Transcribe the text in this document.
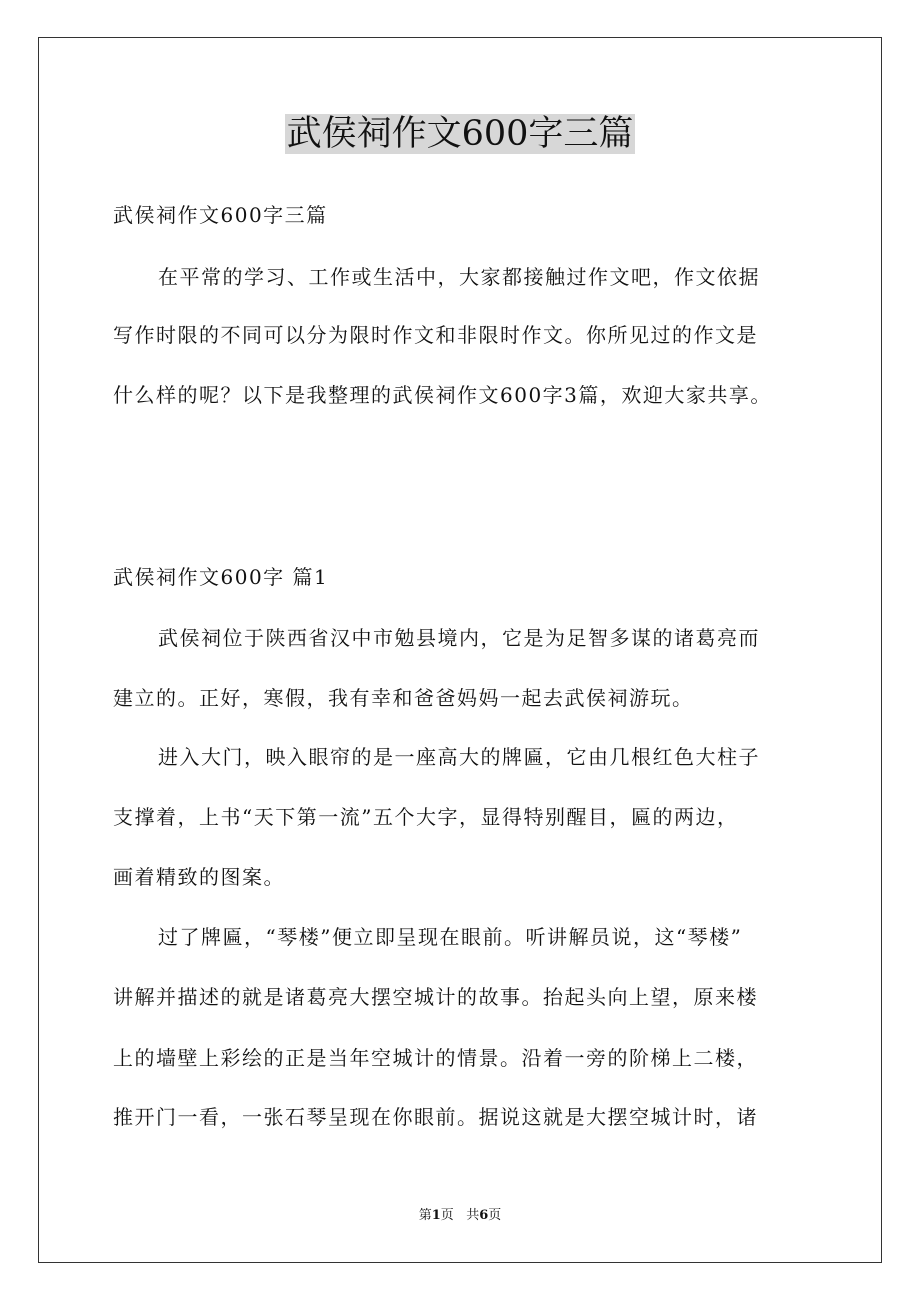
武侯祠作文600字三篇
武侯祠作文600字三篇
在平常的学习、工作或生活中，大家都接触过作文吧，作文依据
写作时限的不同可以分为限时作文和非限时作文。你所见过的作文是
什么样的呢？以下是我整理的武侯祠作文600字3篇，欢迎大家共享。
武侯祠作文600字 篇1
武侯祠位于陕西省汉中市勉县境内，它是为足智多谋的诸葛亮而
建立的。正好，寒假，我有幸和爸爸妈妈一起去武侯祠游玩。
进入大门，映入眼帘的是一座高大的牌匾，它由几根红色大柱子
支撑着，上书“天下第一流”五个大字，显得特别醒目，匾的两边，
画着精致的图案。
过了牌匾，“琴楼”便立即呈现在眼前。听讲解员说，这“琴楼”
讲解并描述的就是诸葛亮大摆空城计的故事。抬起头向上望，原来楼
上的墙壁上彩绘的正是当年空城计的情景。沿着一旁的阶梯上二楼，
推开门一看，一张石琴呈现在你眼前。据说这就是大摆空城计时，诸
第1页   共6页
